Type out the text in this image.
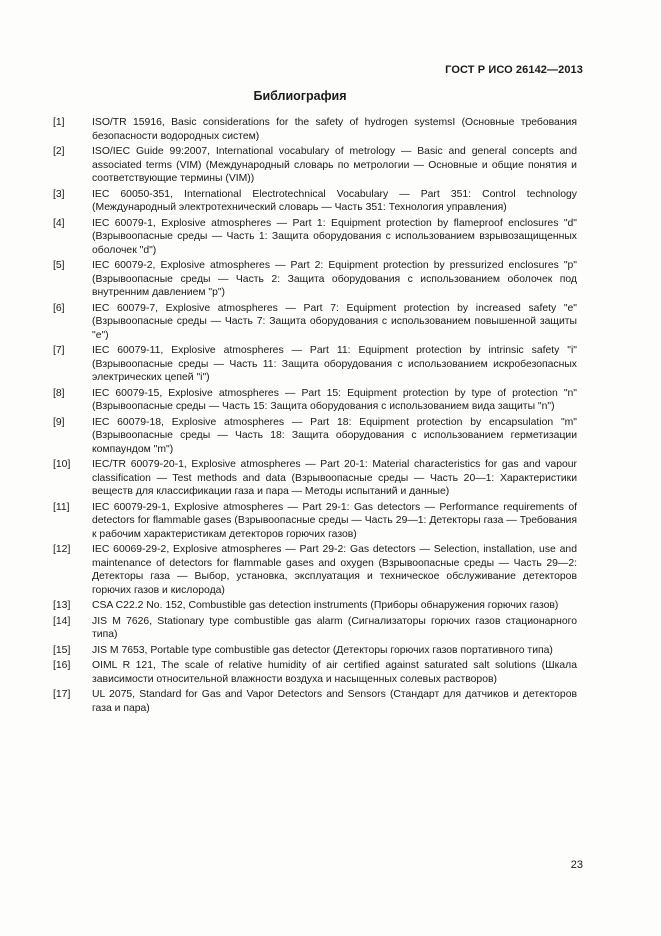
ГОСТ Р ИСО 26142—2013
Библиография
[1]	ISO/TR 15916, Basic considerations for the safety of hydrogen systemsI (Основные требования безопасности водородных систем)
[2]	ISO/IEC Guide 99:2007, International vocabulary of metrology — Basic and general concepts and associated terms (VIM) (Международный словарь по метрологии — Основные и общие понятия и соответствующие термины (VIM))
[3]	IEC 60050-351, International Electrotechnical Vocabulary — Part 351: Control technology (Международный электротехнический словарь — Часть 351: Технология управления)
[4]	IEC 60079-1, Explosive atmospheres — Part 1: Equipment protection by flameproof enclosures "d" (Взрывоопасные среды — Часть 1: Защита оборудования с использованием взрывозащищенных оболочек "d")
[5]	IEC 60079-2, Explosive atmospheres — Part 2: Equipment protection by pressurized enclosures "p" (Взрывоопасные среды — Часть 2: Защита оборудования с использованием оболочек под внутренним давлением "p")
[6]	IEC 60079-7, Explosive atmospheres — Part 7: Equipment protection by increased safety "e" (Взрывоопасные среды — Часть 7: Защита оборудования с использованием повышенной защиты "e")
[7]	IEC 60079-11, Explosive atmospheres — Part 11: Equipment protection by intrinsic safety "i" (Взрывоопасные среды — Часть 11: Защита оборудования с использованием искробезопасных электрических цепей "i")
[8]	IEC 60079-15, Explosive atmospheres — Part 15: Equipment protection by type of protection "n" (Взрывоопасные среды — Часть 15: Защита оборудования с использованием вида защиты "n")
[9]	IEC 60079-18, Explosive atmospheres — Part 18: Equipment protection by encapsulation "m" (Взрывоопасные среды — Часть 18: Защита оборудования с использованием герметизации компаундом "m")
[10]	IEC/TR 60079-20-1, Explosive atmospheres — Part 20-1: Material characteristics for gas and vapour classification — Test methods and data (Взрывоопасные среды — Часть 20—1: Характеристики веществ для классификации газа и пара — Методы испытаний и данные)
[11]	IEC 60079-29-1, Explosive atmospheres — Part 29-1: Gas detectors — Performance requirements of detectors for flammable gases (Взрывоопасные среды — Часть 29—1: Детекторы газа — Требования к рабочим характеристикам детекторов горючих газов)
[12]	IEC 60069-29-2, Explosive atmospheres — Part 29-2: Gas detectors — Selection, installation, use and maintenance of detectors for flammable gases and oxygen (Взрывоопасные среды — Часть 29—2: Детекторы газа — Выбор, установка, эксплуатация и техническое обслуживание детекторов горючих газов и кислорода)
[13]	CSA C22.2 No. 152, Combustible gas detection instruments (Приборы обнаружения горючих газов)
[14]	JIS M 7626, Stationary type combustible gas alarm (Сигнализаторы горючих газов стационарного типа)
[15]	JIS M 7653, Portable type combustible gas detector (Детекторы горючих газов портативного типа)
[16]	OIML R 121, The scale of relative humidity of air certified against saturated salt solutions (Шкала зависимости относительной влажности воздуха и насыщенных солевых растворов)
[17]	UL 2075, Standard for Gas and Vapor Detectors and Sensors (Стандарт для датчиков и детекторов газа и пара)
23
